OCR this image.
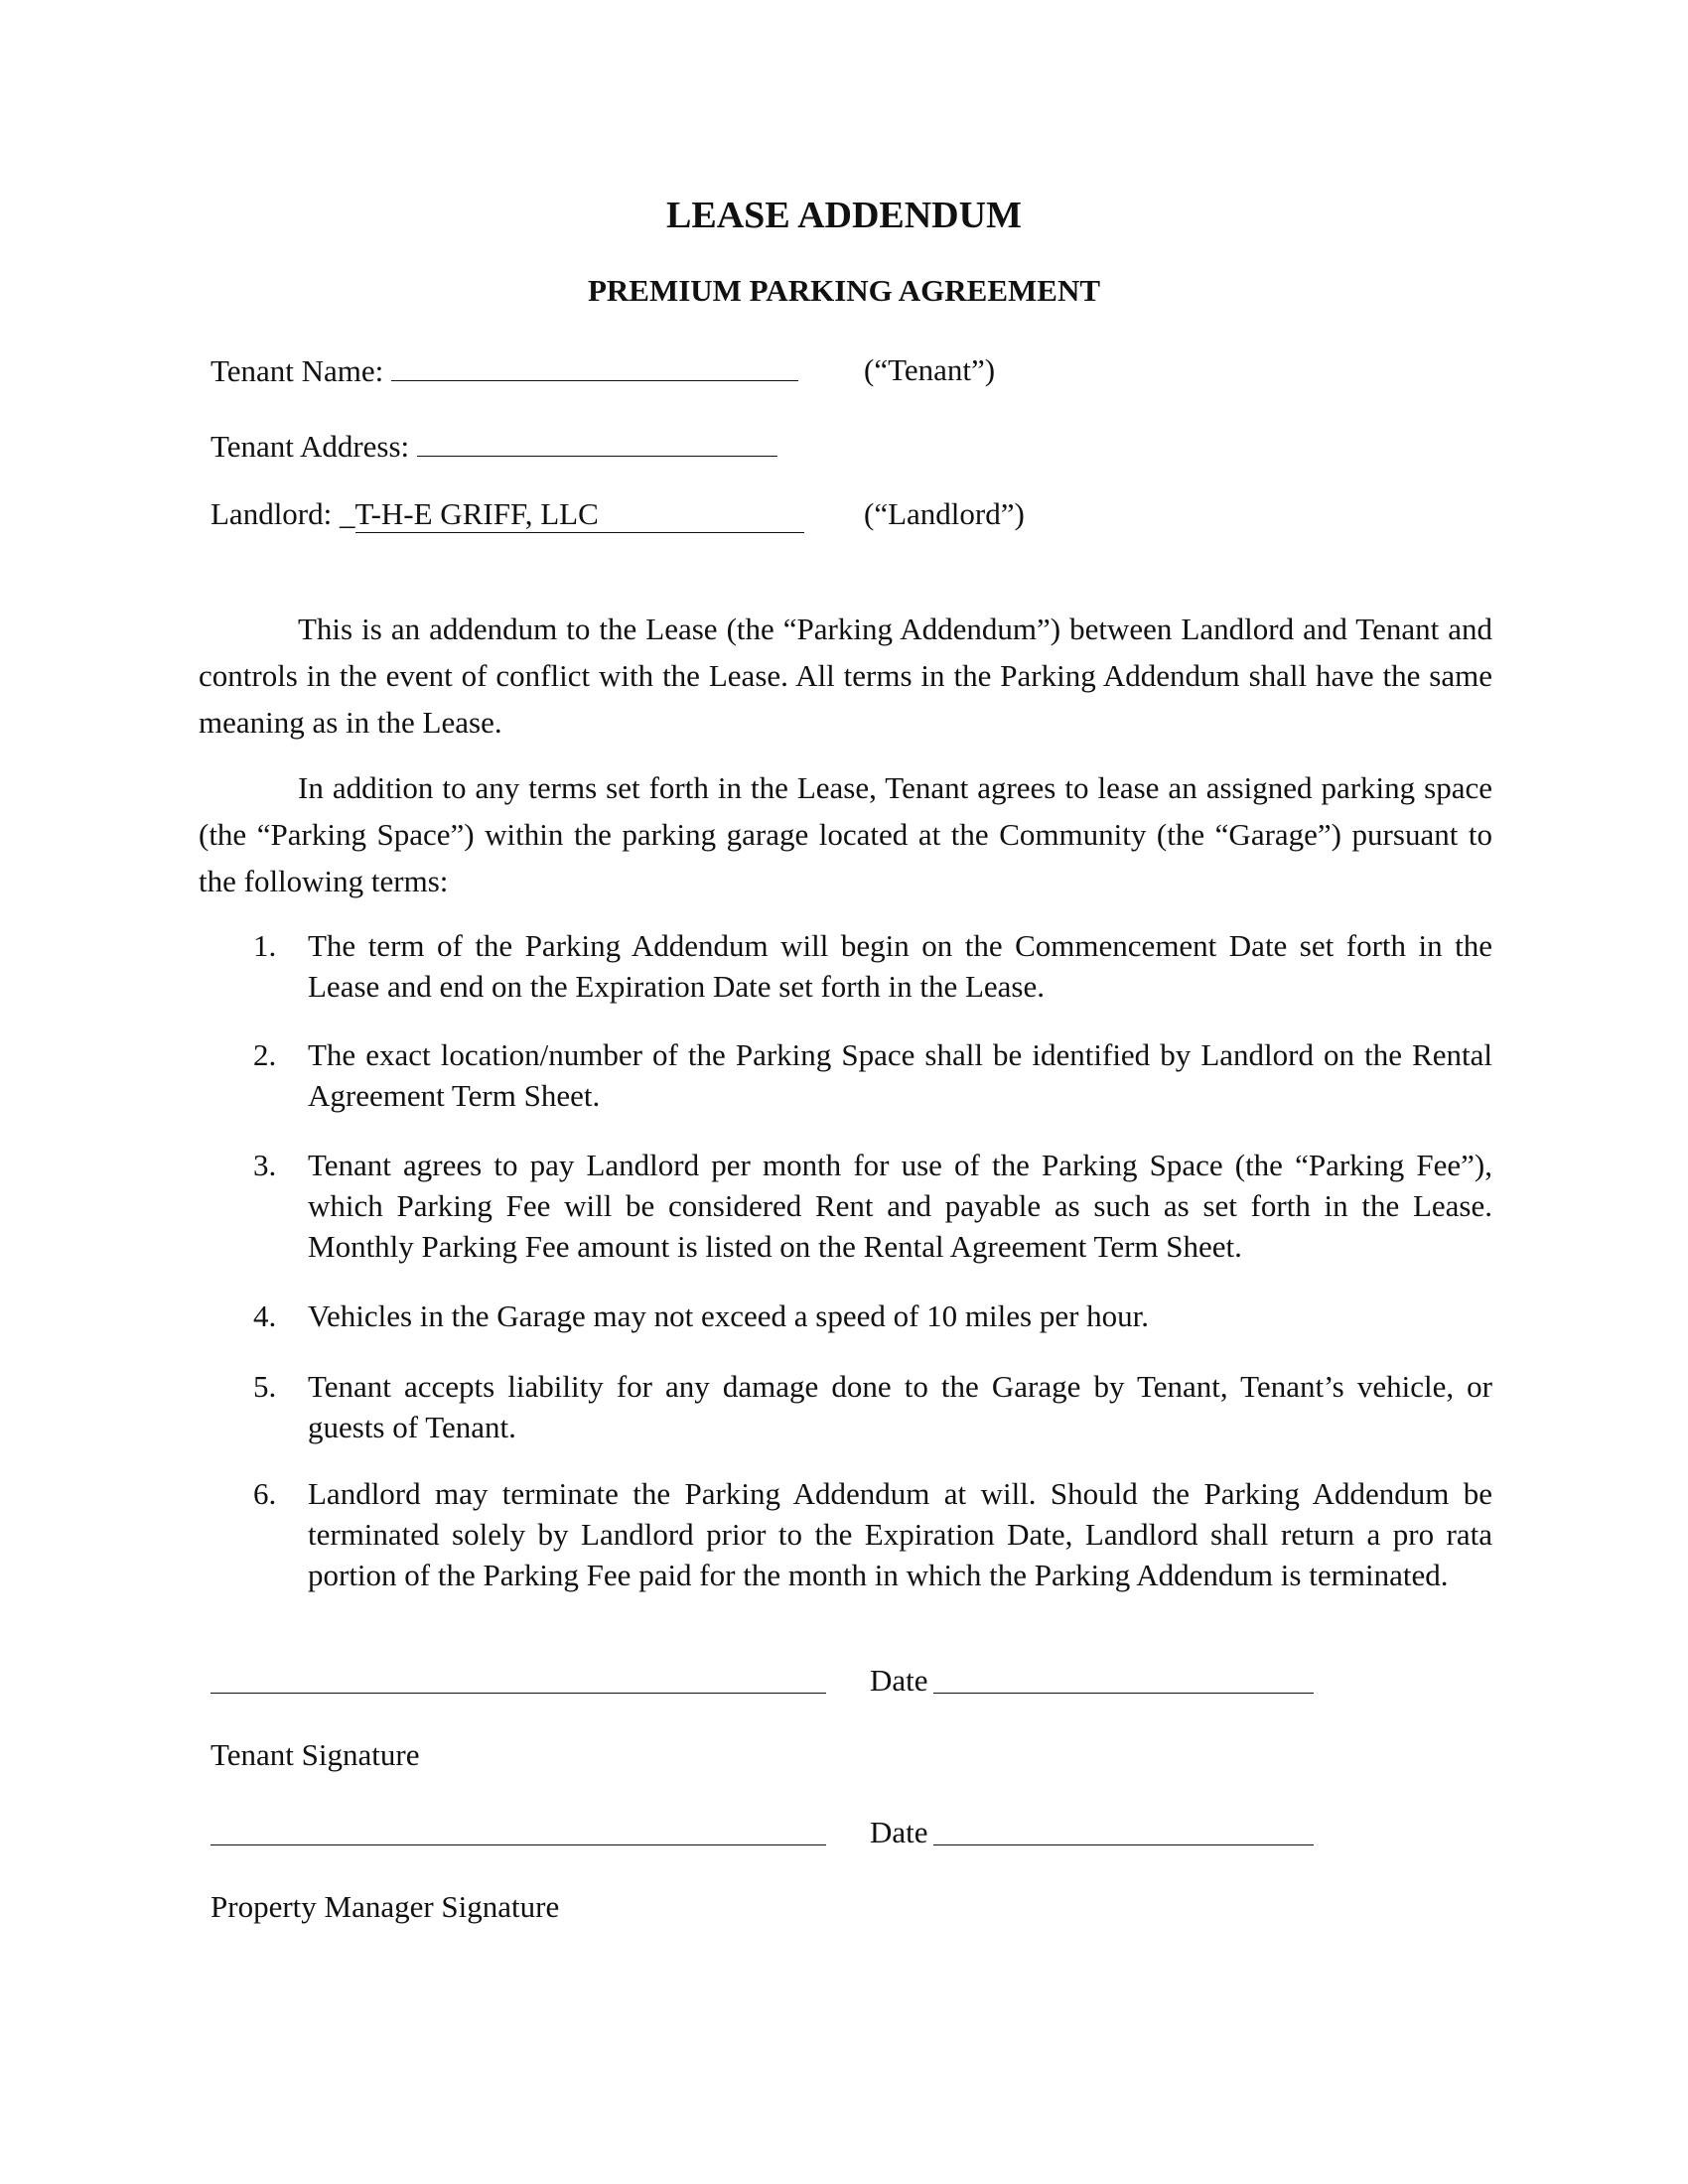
LEASE ADDENDUM
PREMIUM PARKING AGREEMENT
Tenant Name:	(“Tenant”)
Tenant Address:
Landlord: _T-H-E GRIFF, LLC	(“Landlord”)

This is an addendum to the Lease (the “Parking Addendum”) between Landlord and Tenant and controls in the event of conflict with the Lease. All terms in the Parking Addendum shall have the same meaning as in the Lease.

In addition to any terms set forth in the Lease, Tenant agrees to lease an assigned parking space (the “Parking Space”) within the parking garage located at the Community (the “Garage”) pursuant to the following terms:

1.	The term of the Parking Addendum will begin on the Commencement Date set forth in the Lease and end on the Expiration Date set forth in the Lease.
2.	The exact location/number of the Parking Space shall be identified by Landlord on the Rental Agreement Term Sheet.
3.	Tenant agrees to pay Landlord per month for use of the Parking Space (the “Parking Fee”), which Parking Fee will be considered Rent and payable as such as set forth in the Lease. Monthly Parking Fee amount is listed on the Rental Agreement Term Sheet.
4.	Vehicles in the Garage may not exceed a speed of 10 miles per hour.
5.	Tenant accepts liability for any damage done to the Garage by Tenant, Tenant’s vehicle, or guests of Tenant.
6.	Landlord may terminate the Parking Addendum at will. Should the Parking Addendum be terminated solely by Landlord prior to the Expiration Date, Landlord shall return a pro rata portion of the Parking Fee paid for the month in which the Parking Addendum is terminated.
Date
Tenant Signature
Date
Property Manager Signature
